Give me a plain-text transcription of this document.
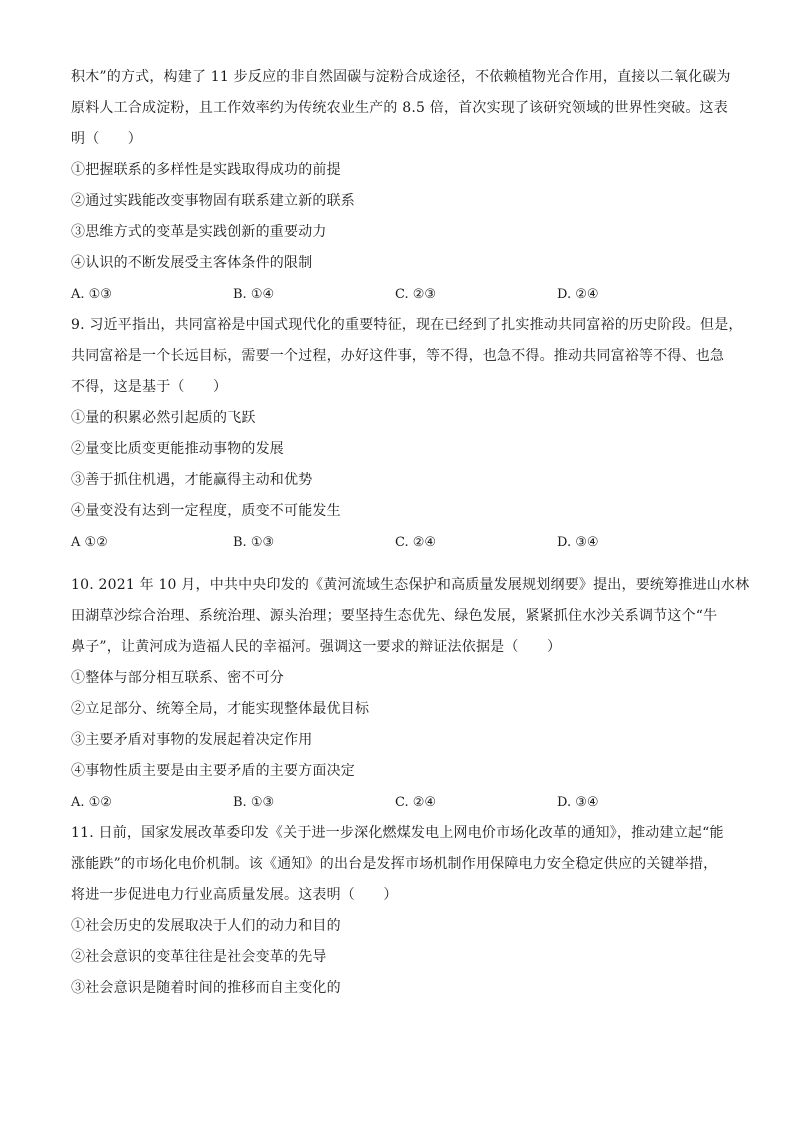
积木”的方式，构建了 11 步反应的非自然固碳与淀粉合成途径，不依赖植物光合作用，直接以二氧化碳为
原料人工合成淀粉，且工作效率约为传统农业生产的 8.5 倍，首次实现了该研究领域的世界性突破。这表
明（　　）
①把握联系的多样性是实践取得成功的前提
②通过实践能改变事物固有联系建立新的联系
③思维方式的变革是实践创新的重要动力
④认识的不断发展受主客体条件的限制
A. ①③	B. ①④	C. ②③	D. ②④
9. 习近平指出，共同富裕是中国式现代化的重要特征，现在已经到了扎实推动共同富裕的历史阶段。但是，
共同富裕是一个长远目标，需要一个过程，办好这件事，等不得，也急不得。推动共同富裕等不得、也急
不得，这是基于（　　）
①量的积累必然引起质的飞跃
②量变比质变更能推动事物的发展
③善于抓住机遇，才能赢得主动和优势
④量变没有达到一定程度，质变不可能发生
A ①②	B. ①③	C. ②④	D. ③④
10. 2021 年 10 月，中共中央印发的《黄河流域生态保护和高质量发展规划纲要》提出，要统筹推进山水林
田湖草沙综合治理、系统治理、源头治理；要坚持生态优先、绿色发展，紧紧抓住水沙关系调节这个“牛
鼻子”，让黄河成为造福人民的幸福河。强调这一要求的辩证法依据是（　　）
①整体与部分相互联系、密不可分
②立足部分、统筹全局，才能实现整体最优目标
③主要矛盾对事物的发展起着决定作用
④事物性质主要是由主要矛盾的主要方面决定
A. ①②	B. ①③	C. ②④	D. ③④
11. 日前，国家发展改革委印发《关于进一步深化燃煤发电上网电价市场化改革的通知》，推动建立起“能
涨能跌”的市场化电价机制。该《通知》的出台是发挥市场机制作用保障电力安全稳定供应的关键举措，
将进一步促进电力行业高质量发展。这表明（　　）
①社会历史的发展取决于人们的动力和目的
②社会意识的变革往往是社会变革的先导
③社会意识是随着时间的推移而自主变化的
